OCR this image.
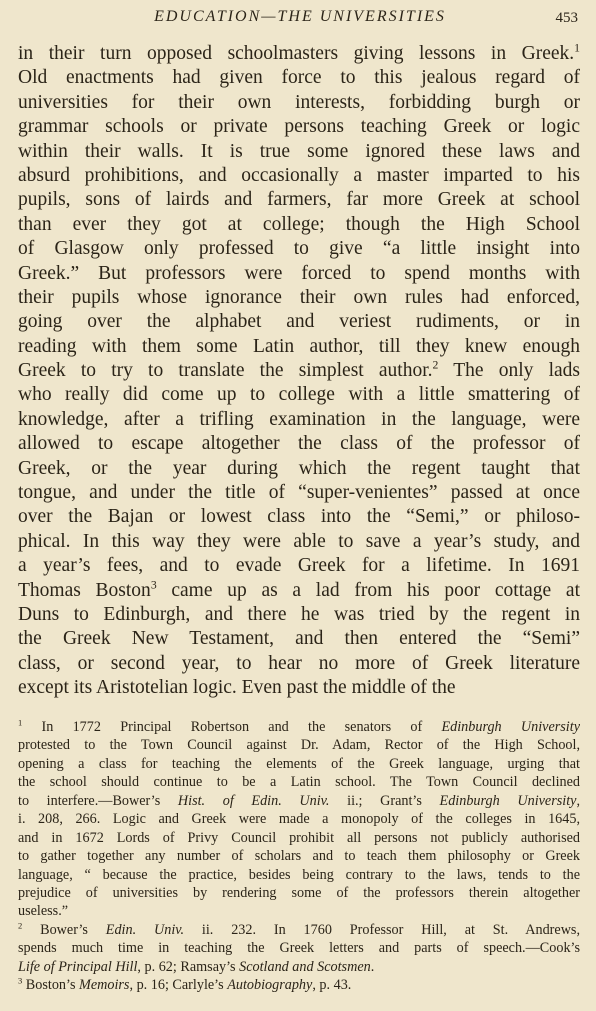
EDUCATION—THE UNIVERSITIES	453
in their turn opposed schoolmasters giving lessons in Greek.$^1$
Old enactments had given force to this jealous regard of
universities for their own interests, forbidding burgh or
grammar schools or private persons teaching Greek or logic
within their walls. It is true some ignored these laws and
absurd prohibitions, and occasionally a master imparted to his
pupils, sons of lairds and farmers, far more Greek at school
than ever they got at college; though the High School
of Glasgow only professed to give “a little insight into
Greek.” But professors were forced to spend months with
their pupils whose ignorance their own rules had enforced,
going over the alphabet and veriest rudiments, or in
reading with them some Latin author, till they knew enough
Greek to try to translate the simplest author.$^2$ The only lads
who really did come up to college with a little smattering of
knowledge, after a trifling examination in the language, were
allowed to escape altogether the class of the professor of
Greek, or the year during which the regent taught that
tongue, and under the title of “super-venientes” passed at once
over the Bajan or lowest class into the “Semi,” or philoso-
phical. In this way they were able to save a year’s study, and
a year’s fees, and to evade Greek for a lifetime. In 1691
Thomas Boston$^3$ came up as a lad from his poor cottage at
Duns to Edinburgh, and there he was tried by the regent in
the Greek New Testament, and then entered the “Semi”
class, or second year, to hear no more of Greek literature
except its Aristotelian logic. Even past the middle of the
$^1$ In 1772 Principal Robertson and the senators of Edinburgh University
protested to the Town Council against Dr. Adam, Rector of the High School,
opening a class for teaching the elements of the Greek language, urging that
the school should continue to be a Latin school. The Town Council declined
to interfere.—Bower’s Hist. of Edin. Univ. ii.; Grant’s Edinburgh University,
i. 208, 266. Logic and Greek were made a monopoly of the colleges in 1645,
and in 1672 Lords of Privy Council prohibit all persons not publicly authorised
to gather together any number of scholars and to teach them philosophy or Greek
language, “ because the practice, besides being contrary to the laws, tends to the
prejudice of universities by rendering some of the professors therein altogether
useless.”
$^2$ Bower’s Edin. Univ. ii. 232. In 1760 Professor Hill, at St. Andrews,
spends much time in teaching the Greek letters and parts of speech.—Cook’s
Life of Principal Hill, p. 62; Ramsay’s Scotland and Scotsmen.
$^3$ Boston’s Memoirs, p. 16; Carlyle’s Autobiography, p. 43.
